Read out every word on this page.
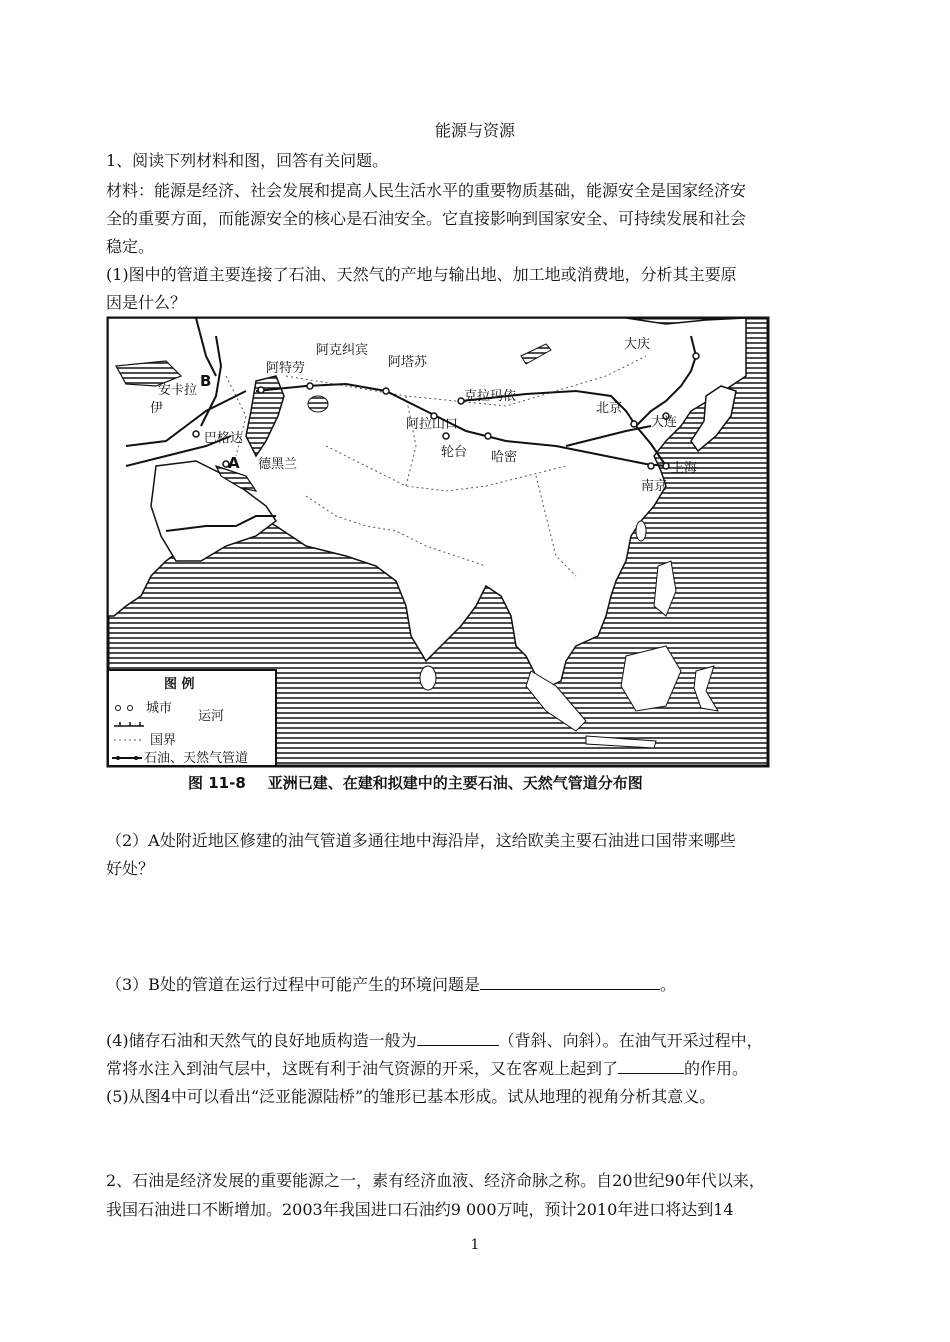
能源与资源
1、阅读下列材料和图，回答有关问题。
材料：能源是经济、社会发展和提高人民生活水平的重要物质基础，能源安全是国家经济安
全的重要方面，而能源安全的核心是石油安全。它直接影响到国家安全、可持续发展和社会
稳定。
(1)图中的管道主要连接了石油、天然气的产地与输出地、加工地或消费地，分析其主要原
因是什么？
大庆
阿克纠宾
阿特劳	阿塔苏
克拉玛依
北京
大连
阿拉山口
轮台 哈密
上海
南京
巴格达
德黑兰
安卡拉
伊
A
B
图 例
城市
运河
国界
石油、天然气管道
图 11-8 亚洲已建、在建和拟建中的主要石油、天然气管道分布图
（2）A处附近地区修建的油气管道多通往地中海沿岸，这给欧美主要石油进口国带来哪些
好处？
（3）B处的管道在运行过程中可能产生的环境问题是	。
(4)储存石油和天然气的良好地质构造一般为	（背斜、向斜）。在油气开采过程中，
常将水注入到油气层中，这既有利于油气资源的开采，又在客观上起到了	的作用。
(5)从图4中可以看出“泛亚能源陆桥”的雏形已基本形成。试从地理的视角分析其意义。
2、石油是经济发展的重要能源之一，素有经济血液、经济命脉之称。自20世纪90年代以来，
我国石油进口不断增加。2003年我国进口石油约9 000万吨，预计2010年进口将达到14
1
